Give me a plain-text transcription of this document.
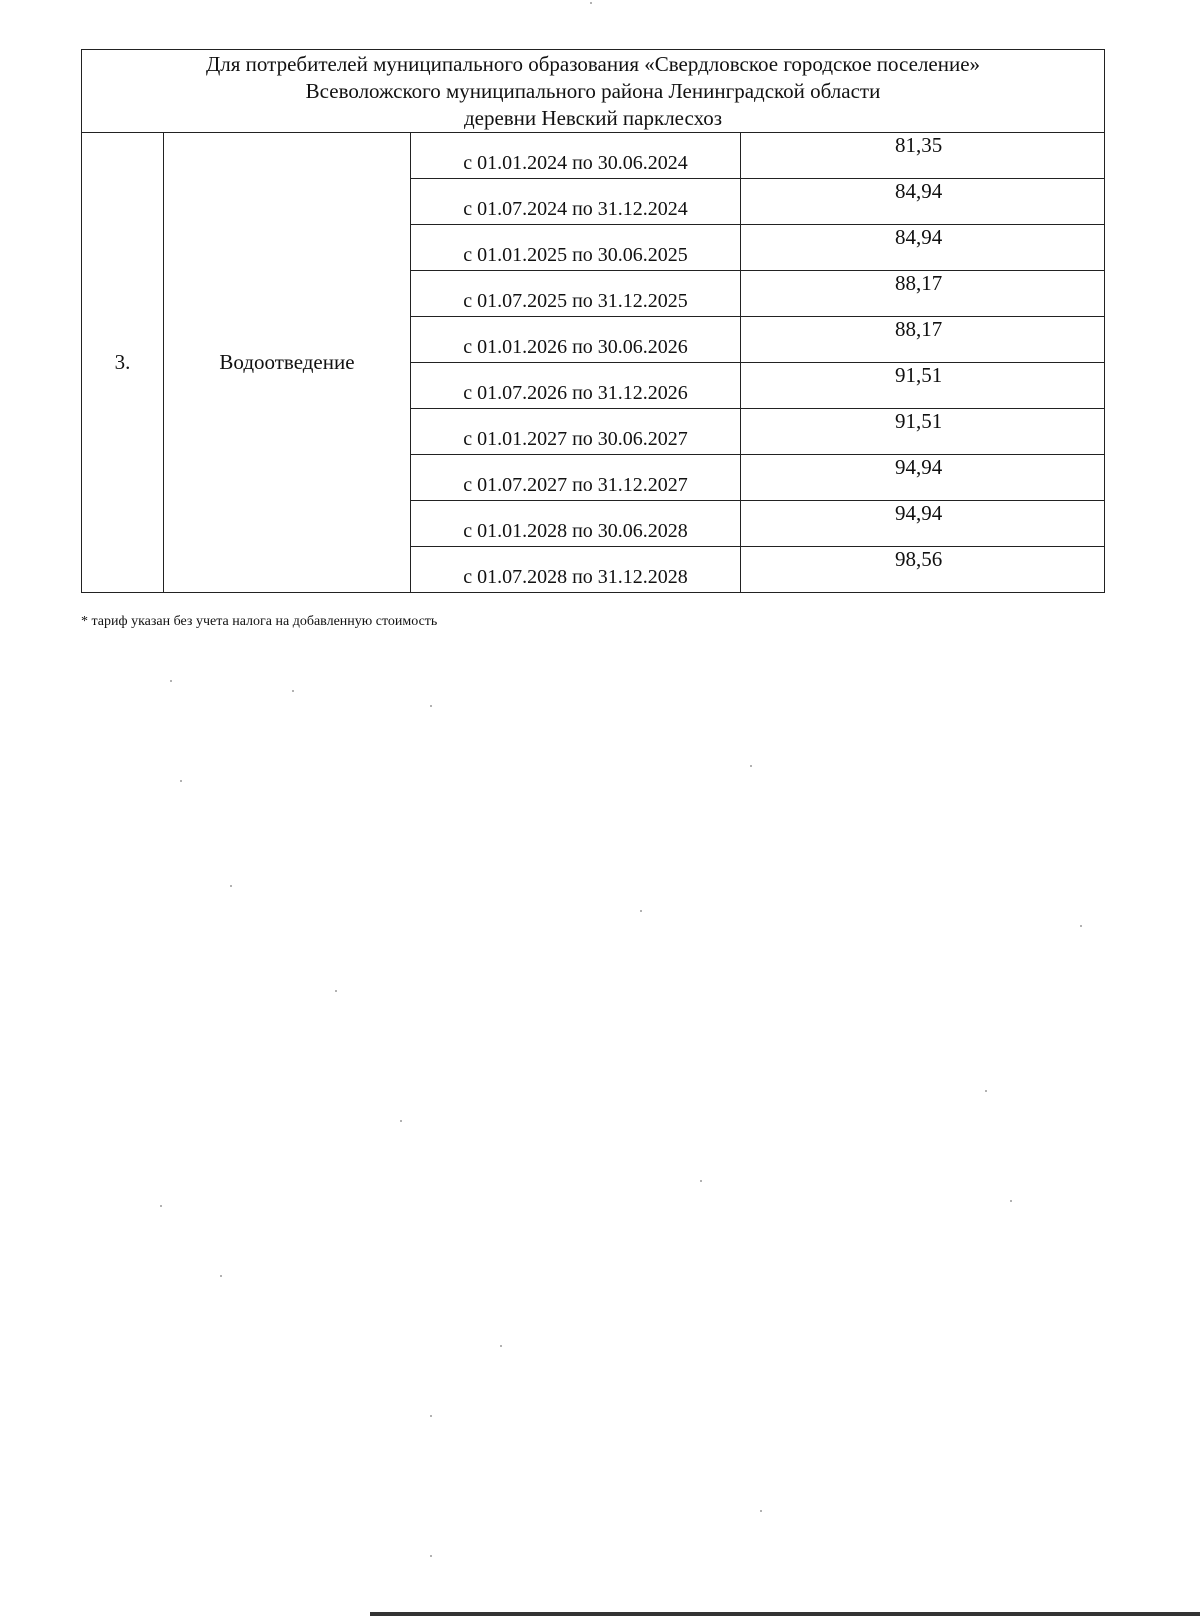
Для потребителей муниципального образования «Свердловское городское поселение»
Всеволожского муниципального района Ленинградской области
деревни Невский парклесхоз			

3.	Водоотведение	с 01.01.2024 по 30.06.2024	81,35

		с 01.07.2024 по 31.12.2024	84,94

		с 01.01.2025 по 30.06.2025	84,94

		с 01.07.2025 по 31.12.2025	88,17

		с 01.01.2026 по 30.06.2026	88,17

		с 01.07.2026 по 31.12.2026	91,51

		с 01.01.2027 по 30.06.2027	91,51

		с 01.07.2027 по 31.12.2027	94,94

		с 01.01.2028 по 30.06.2028	94,94

		с 01.07.2028 по 31.12.2028	98,56
* тариф указан без учета налога на добавленную стоимость
